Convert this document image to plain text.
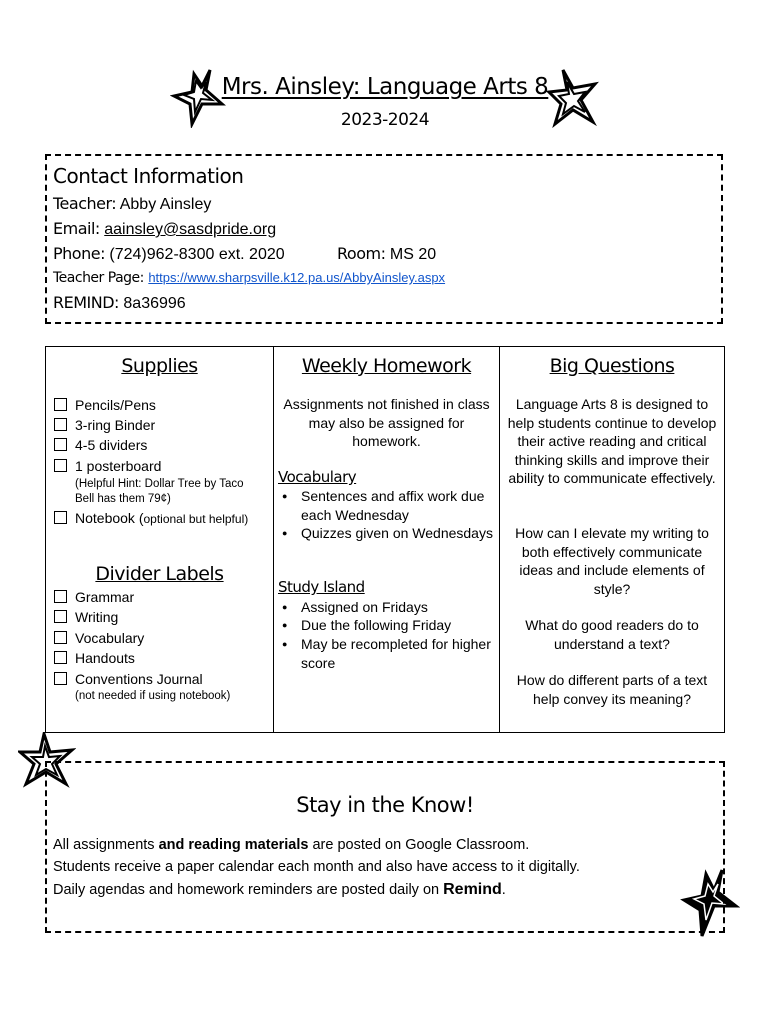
Mrs. Ainsley: Language Arts 8
2023-2024
Contact Information
Teacher: Abby Ainsley
Email: aainsley@sasdpride.org
Phone: (724)962-8300 ext. 2020	Room: MS 20
Teacher Page: https://www.sharpsville.k12.pa.us/AbbyAinsley.aspx
REMIND: 8a36996
Supplies
Pencils/Pens
3-ring Binder
4-5 dividers
1 posterboard
(Helpful Hint: Dollar Tree by Taco
Bell has them 79¢)
Notebook (optional but helpful)
Divider Labels
Grammar
Writing
Vocabulary
Handouts
Conventions Journal
(not needed if using notebook)
Weekly Homework
Assignments not finished in class may also be assigned for homework.
Vocabulary
● Sentences and affix work due each Wednesday
● Quizzes given on Wednesdays
Study Island
● Assigned on Fridays
● Due the following Friday
● May be recompleted for higher score
Big Questions
Language Arts 8 is designed to help students continue to develop their active reading and critical thinking skills and improve their ability to communicate effectively.
How can I elevate my writing to both effectively communicate ideas and include elements of style?
What do good readers do to understand a text?
How do different parts of a text help convey its meaning?
Stay in the Know!
All assignments and reading materials are posted on Google Classroom.
Students receive a paper calendar each month and also have access to it digitally.
Daily agendas and homework reminders are posted daily on Remind.
